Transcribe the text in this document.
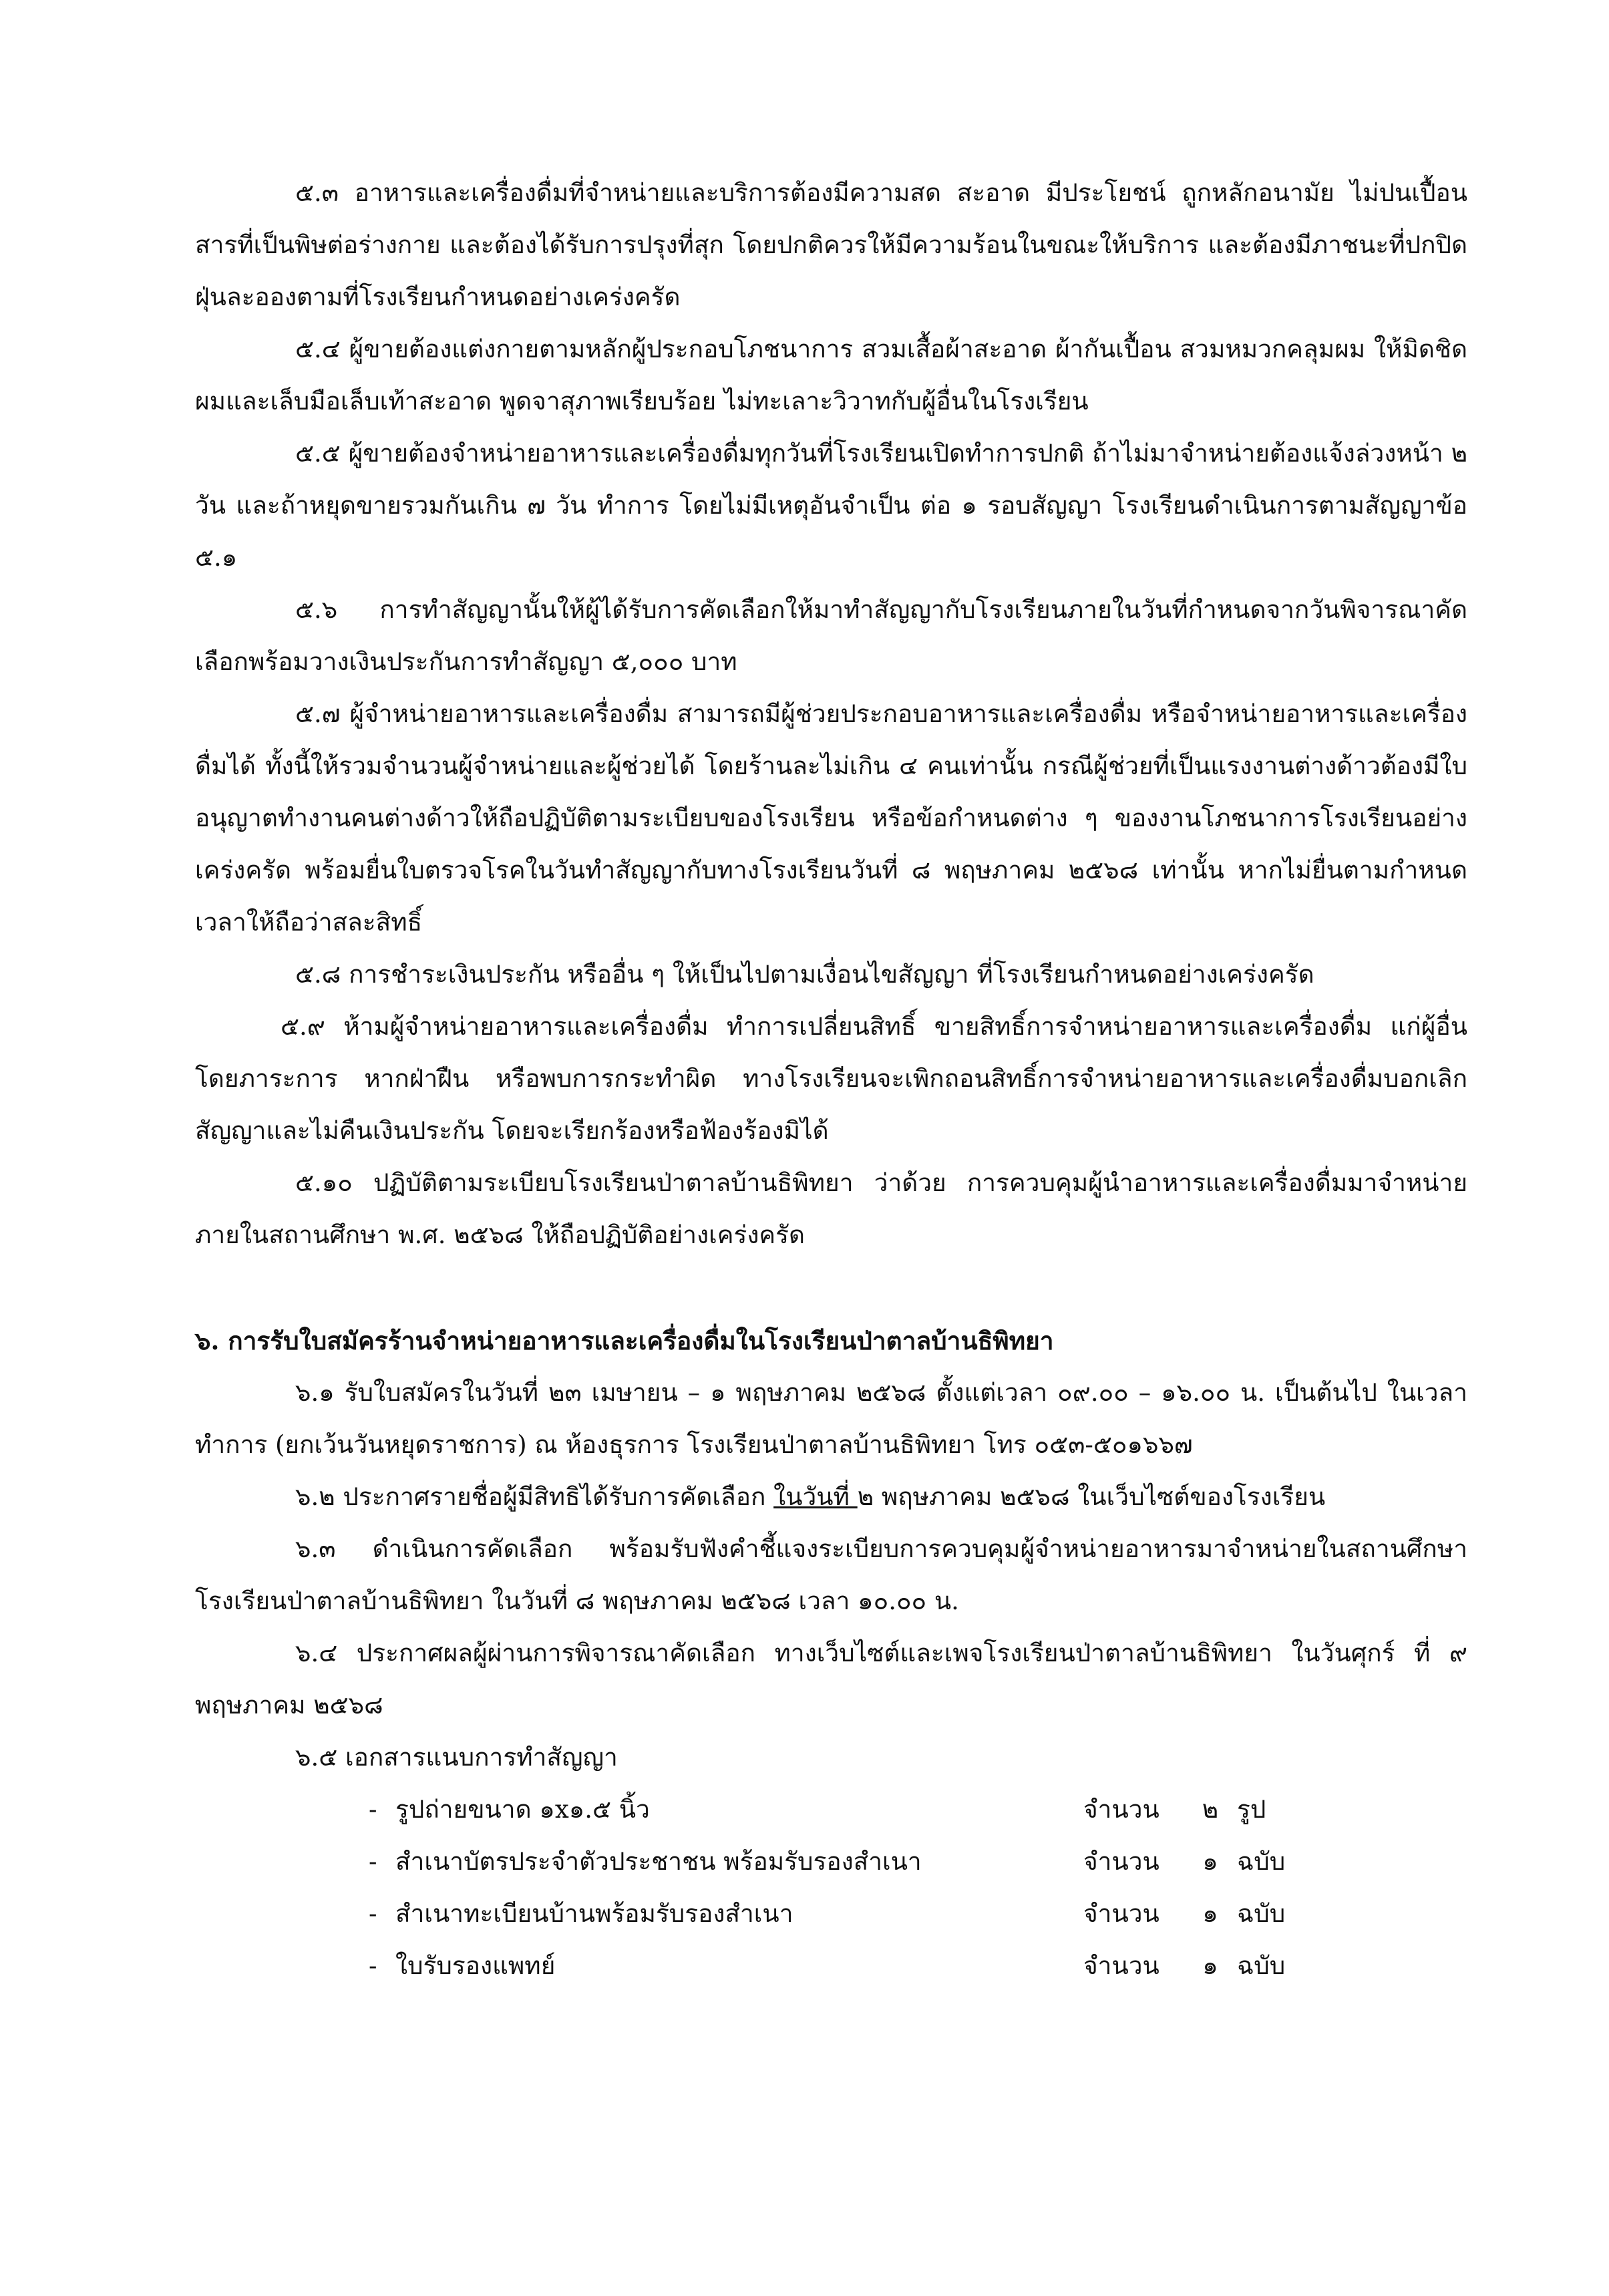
๕.๓ อาหารและเครื่องดื่มที่จำหน่ายและบริการต้องมีความสด สะอาด มีประโยชน์ ถูกหลักอนามัย ไม่ปนเปื้อนสารที่เป็นพิษต่อร่างกาย และต้องได้รับการปรุงที่สุก โดยปกติควรให้มีความร้อนในขณะให้บริการ และต้องมีภาชนะที่ปกปิดฝุ่นละอองตามที่โรงเรียนกำหนดอย่างเคร่งครัด

๕.๔ ผู้ขายต้องแต่งกายตามหลักผู้ประกอบโภชนาการ สวมเสื้อผ้าสะอาด ผ้ากันเปื้อน สวมหมวกคลุมผม ให้มิดชิดผมและเล็บมือเล็บเท้าสะอาด พูดจาสุภาพเรียบร้อย ไม่ทะเลาะวิวาทกับผู้อื่นในโรงเรียน

๕.๕ ผู้ขายต้องจำหน่ายอาหารและเครื่องดื่มทุกวันที่โรงเรียนเปิดทำการปกติ ถ้าไม่มาจำหน่ายต้องแจ้งล่วงหน้า ๒ วัน และถ้าหยุดขายรวมกันเกิน ๗ วัน ทำการ โดยไม่มีเหตุอันจำเป็น ต่อ ๑ รอบสัญญา โรงเรียนดำเนินการตามสัญญาข้อ ๕.๑

๕.๖ การทำสัญญานั้นให้ผู้ได้รับการคัดเลือกให้มาทำสัญญากับโรงเรียนภายในวันที่กำหนดจากวันพิจารณาคัดเลือกพร้อมวางเงินประกันการทำสัญญา ๕,๐๐๐ บาท

๕.๗ ผู้จำหน่ายอาหารและเครื่องดื่ม สามารถมีผู้ช่วยประกอบอาหารและเครื่องดื่ม หรือจำหน่ายอาหารและเครื่องดื่มได้ ทั้งนี้ให้รวมจำนวนผู้จำหน่ายและผู้ช่วยได้ โดยร้านละไม่เกิน ๔ คนเท่านั้น กรณีผู้ช่วยที่เป็นแรงงานต่างด้าวต้องมีใบอนุญาตทำงานคนต่างด้าวให้ถือปฏิบัติตามระเบียบของโรงเรียน หรือข้อกำหนดต่าง ๆ ของงานโภชนาการโรงเรียนอย่างเคร่งครัด พร้อมยื่นใบตรวจโรคในวันทำสัญญากับทางโรงเรียนวันที่ ๘ พฤษภาคม ๒๕๖๘ เท่านั้น หากไม่ยื่นตามกำหนดเวลาให้ถือว่าสละสิทธิ์

๕.๘ การชำระเงินประกัน หรืออื่น ๆ ให้เป็นไปตามเงื่อนไขสัญญา ที่โรงเรียนกำหนดอย่างเคร่งครัด

๕.๙ ห้ามผู้จำหน่ายอาหารและเครื่องดื่ม ทำการเปลี่ยนสิทธิ์ ขายสิทธิ์การจำหน่ายอาหารและเครื่องดื่ม แก่ผู้อื่นโดยภาระการ หากฝ่าฝืน หรือพบการกระทำผิด ทางโรงเรียนจะเพิกถอนสิทธิ์การจำหน่ายอาหารและเครื่องดื่มบอกเลิกสัญญาและไม่คืนเงินประกัน โดยจะเรียกร้องหรือฟ้องร้องมิได้

๕.๑๐ ปฏิบัติตามระเบียบโรงเรียนป่าตาลบ้านธิพิทยา ว่าด้วย การควบคุมผู้นำอาหารและเครื่องดื่มมาจำหน่ายภายในสถานศึกษา พ.ศ. ๒๕๖๘ ให้ถือปฏิบัติอย่างเคร่งครัด

๖. การรับใบสมัครร้านจำหน่ายอาหารและเครื่องดื่มในโรงเรียนป่าตาลบ้านธิพิทยา

๖.๑ รับใบสมัครในวันที่ ๒๓ เมษายน – ๑ พฤษภาคม ๒๕๖๘ ตั้งแต่เวลา ๐๙.๐๐ – ๑๖.๐๐ น. เป็นต้นไป ในเวลาทำการ (ยกเว้นวันหยุดราชการ) ณ ห้องธุรการ โรงเรียนป่าตาลบ้านธิพิทยา โทร ๐๕๓-๕๐๑๖๖๗

๖.๒ ประกาศรายชื่อผู้มีสิทธิได้รับการคัดเลือก ในวันที่ ๒ พฤษภาคม ๒๕๖๘ ในเว็บไซต์ของโรงเรียน

๖.๓ ดำเนินการคัดเลือก พร้อมรับฟังคำชี้แจงระเบียบการควบคุมผู้จำหน่ายอาหารมาจำหน่ายในสถานศึกษาโรงเรียนป่าตาลบ้านธิพิทยา ในวันที่ ๘ พฤษภาคม ๒๕๖๘ เวลา ๑๐.๐๐ น.

๖.๔ ประกาศผลผู้ผ่านการพิจารณาคัดเลือก ทางเว็บไซต์และเพจโรงเรียนป่าตาลบ้านธิพิทยา ในวันศุกร์ ที่ ๙ พฤษภาคม ๒๕๖๘

๖.๕ เอกสารแนบการทำสัญญา

- รูปถ่ายขนาด ๑x๑.๕ นิ้ว	จำนวน	๒ รูป
- สำเนาบัตรประจำตัวประชาชน พร้อมรับรองสำเนา	จำนวน	๑ ฉบับ
- สำเนาทะเบียนบ้านพร้อมรับรองสำเนา	จำนวน	๑ ฉบับ
- ใบรับรองแพทย์	จำนวน	๑ ฉบับ
